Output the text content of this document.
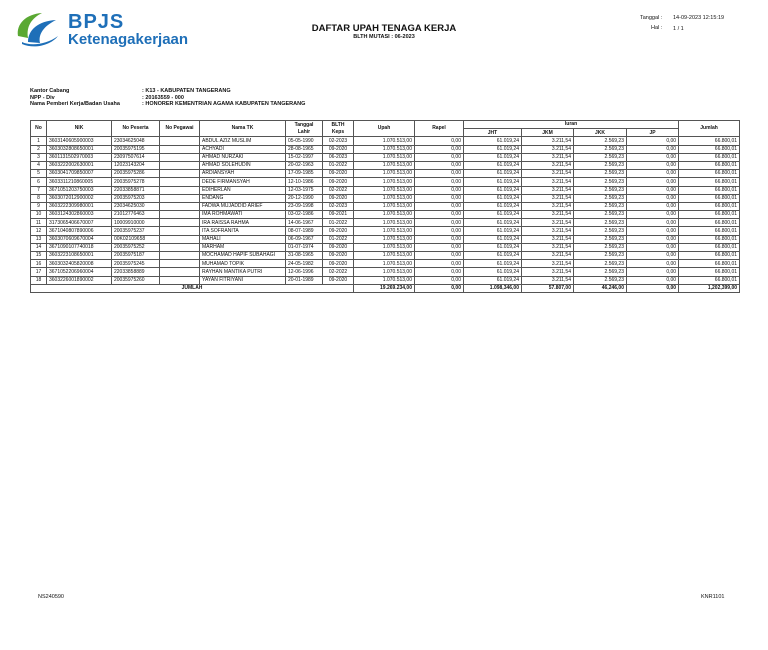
BPJS
Ketenagakerjaan
DAFTAR UPAH TENAGA KERJA
BLTH MUTASI : 06-2023
Tanggal : 14-09-2023 12:15:19
Hal : 1 / 1
Kantor Cabang	: K13 - KABUPATEN TANGERANG
NPP - Div	: 20163559 - 000
Nama Pemberi Kerja/Badan Usaha	: HONORER KEMENTRIAN AGAMA KABUPATEN TANGERANG
No	NIK	No Peserta	No Pegawai	Nama TK	Tanggal Lahir	BLTH Keps	Upah	Rapel	Iuran				Jumlah
									JHT	JKM	JKK	JP	
1	3603140605900003	23034625048		ABDUL AZIZ MUSLIM	05-05-1990	02-2023	1.070.513,00	0,00	61.019,24	3.211,54	2.569,23	0,00	66.800,01
2	3603032808650001	20035975195		ACHYADI	28-08-1965	09-2020	1.070.513,00	0,00	61.019,24	3.211,54	2.569,23	0,00	66.800,01
3	3601131502970003	23097507614		AHMAD NURZAKI	15-02-1997	06-2023	1.070.513,00	0,00	61.019,24	3.211,54	2.569,23	0,00	66.800,01
4	3603222002630001	12023143204		AHMAD SOLEHUDIN	20-02-1963	01-2022	1.070.513,00	0,00	61.019,24	3.211,54	2.569,23	0,00	66.800,01
5	3603041709850007	20035975286		ARDIANSYAH	17-09-1985	09-2020	1.070.513,00	0,00	61.019,24	3.211,54	2.569,23	0,00	66.800,01
6	3603311210860005	20035975278		DEDE FIRMANSYAH	12-10-1986	09-2020	1.070.513,00	0,00	61.019,24	3.211,54	2.569,23	0,00	66.800,01
7	3671051203750003	22033858871		EDIHERLAN	12-03-1975	02-2022	1.070.513,00	0,00	61.019,24	3.211,54	2.569,23	0,00	66.800,01
8	3603072012900002	20035975203		ENDANG	20-12-1990	09-2020	1.070.513,00	0,00	61.019,24	3.211,54	2.569,23	0,00	66.800,01
9	3603222309980001	23034625030		FADWA MUJADDID ARIEF	23-09-1998	02-2023	1.070.513,00	0,00	61.019,24	3.211,54	2.569,23	0,00	66.800,01
10	3603124302860003	21012776463		IMA ROHMAWATI	03-02-1986	09-2021	1.070.513,00	0,00	61.019,24	3.211,54	2.569,23	0,00	66.800,01
11	3173065406670007	10009910000		IRA RAISSA RAHMA	14-06-1967	01-2022	1.070.513,00	0,00	61.019,24	3.211,54	2.569,23	0,00	66.800,01
12	3671040807890006	20035975237		ITA SOFRANITA	08-07-1989	09-2020	1.070.513,00	0,00	61.019,24	3.211,54	2.569,23	0,00	66.800,01
13	3603070609670004	00K02109658		MAHALI	06-09-1967	01-2022	1.070.513,00	0,00	61.019,24	3.211,54	2.569,23	0,00	66.800,01
14	3671090107740018	20035975252		MARHAM	01-07-1974	09-2020	1.070.513,00	0,00	61.019,24	3.211,54	2.569,23	0,00	66.800,01
15	3603223108650001	20035975187		MOCHAMAD HAPIF SUBAHAGI	31-08-1965	09-2020	1.070.513,00	0,00	61.019,24	3.211,54	2.569,23	0,00	66.800,01
16	3603032405820008	20035975245		MUHAMAD TOPIK	24-05-1982	09-2020	1.070.513,00	0,00	61.019,24	3.211,54	2.569,23	0,00	66.800,01
17	3671052206960004	22033858889		RAYHAN MANTIKA PUTRI	12-06-1996	02-2022	1.070.513,00	0,00	61.019,24	3.211,54	2.569,23	0,00	66.800,01
18	3603226001890002	20035975260		YAYAN FITRIYANI	20-01-1989	09-2020	1.070.513,00	0,00	61.019,24	3.211,54	2.569,23	0,00	66.800,01
JUMLAH							19.269.234,00	0,00	1.098,346,00	57.807,00	46,246,00	0,00	1,202,399,00
NS240590	KNR1101
